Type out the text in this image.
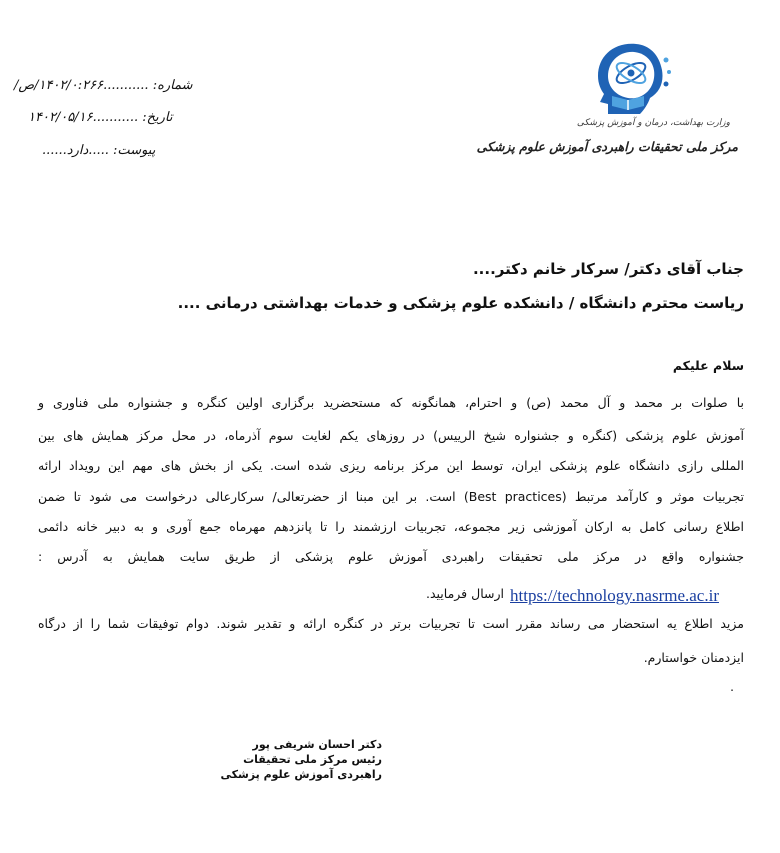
شماره: ...........۱۴۰۲/۰:۲۶۶/ص/
تاریخ: ...........۱۴۰۲/۰۵/۱۶
پیوست: .....دارد......
وزارت بهداشت، درمان و آموزش پزشکی
مرکز ملی تحقیقات راهبردی آموزش علوم پزشکی
جناب آقای دکتر/ سرکار خانم دکتر....
ریاست محترم دانشگاه / دانشکده علوم پزشکی و خدمات بهداشتی درمانی ....
سلام علیکم
با صلوات بر محمد و آل محمد (ص) و احترام، همانگونه که مستحضرید برگزاری اولین کنگره و جشنواره ملی فناوری و
آموزش علوم پزشکی (کنگره و جشنواره شیخ الرییس) در روزهای یکم لغایت سوم آذرماه، در محل مرکز همایش های بین
المللی رازی دانشگاه علوم پزشکی ایران، توسط این مرکز برنامه ریزی شده است. یکی از بخش های مهم این رویداد ارائه
تجربیات موثر و کارآمد مرتبط (Best practices) است. بر این مبنا از حضرتعالی/ سرکارعالی درخواست می شود تا ضمن
اطلاع رسانی کامل به ارکان آموزشی زیر مجموعه، تجربیات ارزشمند را تا پانزدهم مهرماه جمع آوری و به دبیر خانه دائمی
جشنواره واقع در مرکز ملی تحقیقات راهبردی آموزش علوم پزشکی از طریق سایت همایش به آدرس :
https://technology.nasrme.ac.ir
ارسال فرمایید.
مزید اطلاع یه استحضار می رساند مقرر است تا تجربیات برتر در کنگره ارائه و تقدیر شوند. دوام توفیقات شما را از درگاه
ایزدمنان خواستارم.
.
دکتر احسان شریفی پور
رئیس مرکز ملی تحقیقات
راهبردی آموزش علوم پزشکی
